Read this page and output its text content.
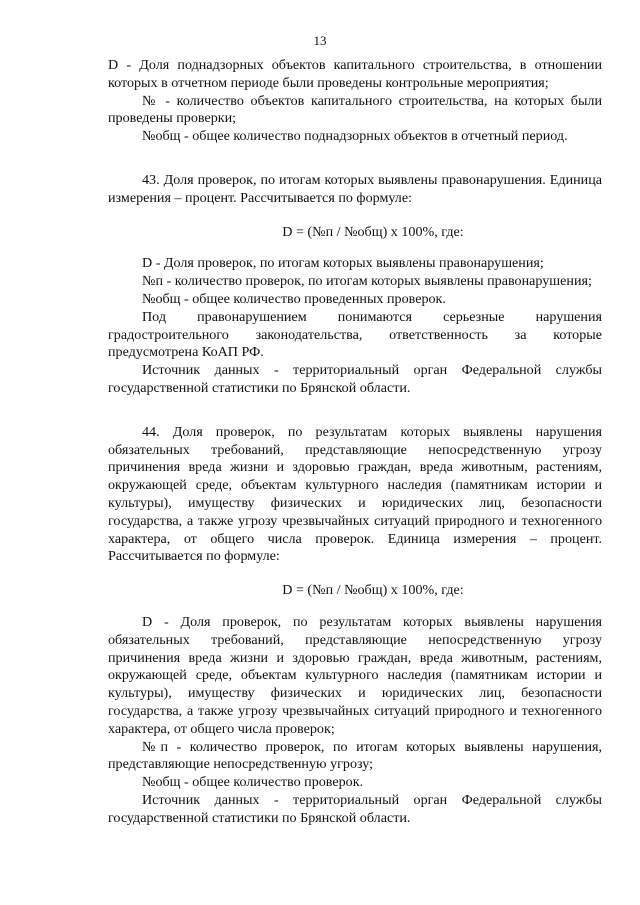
13

D - Доля поднадзорных объектов капитального строительства, в отношении которых в отчетном периоде были проведены контрольные мероприятия;

№ - количество объектов капитального строительства, на которых были проведены проверки;

№общ - общее количество поднадзорных объектов в отчетный период.

43. Доля проверок, по итогам которых выявлены правонарушения. Единица измерения – процент. Рассчитывается по формуле:

D = (№п / №общ) х 100%, где:

D - Доля проверок, по итогам которых выявлены правонарушения;

№п - количество проверок, по итогам которых выявлены правонарушения;

№общ - общее количество проведенных проверок.

Под правонарушением понимаются серьезные нарушения градостроительного законодательства, ответственность за которые предусмотрена КоАП РФ.

Источник данных - территориальный орган Федеральной службы государственной статистики по Брянской области.

44. Доля проверок, по результатам которых выявлены нарушения обязательных требований, представляющие непосредственную угрозу причинения вреда жизни и здоровью граждан, вреда животным, растениям, окружающей среде, объектам культурного наследия (памятникам истории и культуры), имуществу физических и юридических лиц, безопасности государства, а также угрозу чрезвычайных ситуаций природного и техногенного характера, от общего числа проверок. Единица измерения – процент. Рассчитывается по формуле:

D = (№п / №общ) х 100%, где:

D - Доля проверок, по результатам которых выявлены нарушения обязательных требований, представляющие непосредственную угрозу причинения вреда жизни и здоровью граждан, вреда животным, растениям, окружающей среде, объектам культурного наследия (памятникам истории и культуры), имуществу физических и юридических лиц, безопасности государства, а также угрозу чрезвычайных ситуаций природного и техногенного характера, от общего числа проверок;

№п - количество проверок, по итогам которых выявлены нарушения, представляющие непосредственную угрозу;

№общ - общее количество проверок.

Источник данных - территориальный орган Федеральной службы государственной статистики по Брянской области.
